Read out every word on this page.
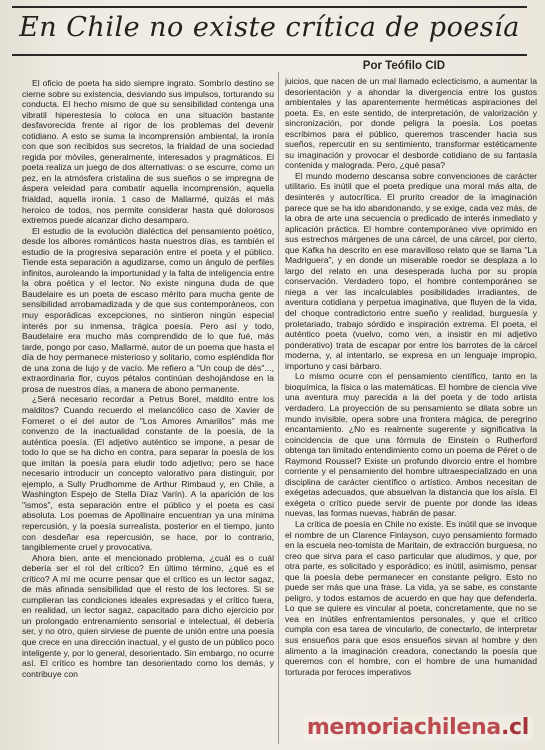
En Chile no existe crítica de poesía
Por Teófilo CID

El oficio de poeta ha sido siempre ingrato. Sombrío destino se cierne sobre su existencia, desviando sus impulsos, torturando su conducta. El hecho mismo de que su sensibilidad contenga una vibratil hiperestesia lo coloca en una situación bastante desfavorecida frente al rigor de los problemas del devenir cotidiano. A esto se suma la incomprensión ambiental, la ironía con que son recibidos sus secretos, la frialdad de una sociedad regida por móviles, generalmente, interesados y pragmáticos. El poeta realiza un juego de dos alternativas: o se escurre, como un pez, en la atmósfera cristalina de sus sueños o se impregna de áspera veleidad para combatir aquella incomprensión, aquella frialdad, aquella ironía. 1 caso de Mallarmé, quizás el más heroico de todos, nos permite considerar hasta qué dolorosos extremos puede alcanzar dicho desamparo.

El estudio de la evolución dialéctica del pensamiento poético, desde los albores románticos hasta nuestros días, es también el estudio de la progresiva separación entre el poeta y el público. Tiende esta separación a agudizarse, como un ángulo de perfiles infinitos, auroleando la importunidad y la falta de inteligencia entre la obra poética y el lector. No existe ninguna duda de que Baudelaire es un poeta de escaso mérito para mucha gente de sensibilidad arrobamadizada y de que sus contemporáneos, con muy esporádicas excepciones, no sintieron ningún especial interés por su inmensa, trágica poesía. Pero así y todo, Baudelaire era mucho más comprendido de lo que fué, más tarde, pongo por caso, Mallarmé, autor de un poema que hasta el día de hoy permanece misterioso y solitario, como espléndida flor de una zona de lujo y de vacío. Me refiero a "Un coup de dés"..., extraordinaria flor, cuyos pétalos continúan deshojándose en la prosa de nuestros días, a manera de abono permanente.

¿Será necesario recordar a Petrus Borel, maldito entre los malditos? Cuando recuerdo el melancólico caso de Xavier de Forneret o el del autor de "Los Amores Amarillos" más me convenzo de la inactualidad constante de la poesía, de la auténtica poesía. (El adjetivo auténtico se impone, a pesar de todo lo que se ha dicho en contra, para separar la poesía de los que imitan la poesía para eludir todo adjetivo; pero se hace necesario introducir un concepto valorativo para distinguir, por ejemplo, a Sully Prudhomme de Arthur Rimbaud y, en Chile, a Washington Espejo de Stella Díaz Varín). A la aparición de los "ismos", esta separación entre el público y el poeta es casi absoluta. Los poemas de Apollinaire encuentran ya una mínima repercusión, y la poesía surrealista, posterior en el tiempo, junto con desdeñar esa repercusión, se hace, por lo contrario, tangiblemente cruel y provocativa.

Ahora bien, ante el mencionado problema, ¿cuál es o cuál debería ser el rol del crítico? En último término, ¿qué es el crítico? A mí me ocurre pensar que el crítico es un lector sagaz, de más afinada sensibilidad que el resto de los lectores. Si se cumplieran las condiciones ideales expresadas y el crítico fuera, en realidad, un lector sagaz, capacitado para dicho ejercicio por un prolongado entrenamiento sensorial e intelectual, él debería ser, y no otro, quien sirviese de puente de unión entre una poesía que crece en una dirección inactual, y el gusto de un público poco inteligente y, por lo general, desorientado. Sin embargo, no ocurre así. El crítico es hombre tan desorientado como los demás, y contribuye con

juicios, que nacen de un mal llamado eclecticismo, a aumentar la desorientación y a ahondar la divergencia entre los gustos ambientales y las aparentemente herméticas aspiraciones del poeta. Es, en este sentido, de interpretación, de valorización y sincronización, por donde peligra la poesía. Los poetas escribimos para el público, queremos trascender hacia sus sueños, repercutir en su sentimiento, transformar estéticamente su imaginación y provocar el desborde cotidiano de su fantasía contenida y malograda. Pero, ¿qué pasa?

El mundo moderno descansa sobre convenciones de carácter utilitario. Es inútil que el poeta predique una moral más alta, de desinterés y autocrítica. El prurito creador de la imaginación parece que se ha ido abandonando, y se exige, cada vez más, de la obra de arte una secuencia o predicado de interés inmediato y aplicación práctica. El hombre contemporáneo vive oprimido en sus estrechos márgenes de una cárcel, de una cárcel, por cierto, que Kafka ha descrito en ese maravilloso relato que se llama "La Madriguera", y en donde un miserable roedor se desplaza a lo largo del relato en una desesperada lucha por su propia conservación. Verdadero topo, el hombre contemporáneo se niega a ver las incalculables posibilidades irradiantes, de aventura cotidiana y perpetua imaginativa, que fluyen de la vida, del choque contradictorio entre sueño y realidad, burguesía y proletariado, trabajo sórdido e inspiración extrema. El poeta, el auténtico poeta (vuelvo, como ven, a insistir en mi adjetivo ponderativo) trata de escapar por entre los barrotes de la cárcel moderna, y, al intentarlo, se expresa en un lenguaje impropio, importuno y casi bárbaro.

Lo mismo ocurre con el pensamiento científico, tanto en la bioquímica, la física o las matemáticas. El hombre de ciencia vive una aventura muy parecida a la del poeta y de todo artista verdadero. La proyección de su pensamiento se dilata sobre un mundo invisible, opera sobre una frontera mágica, de peregrino encantamiento. ¿No es realmente sugerente y significativa la coincidencia de que una fórmula de Einstein o Rutherford obtenga tan limitado entendimiento como un poema de Péret o de Raymond Roussel? Existe un profundo divorcio entre el hombre corriente y el pensamiento del hombre ultraespecializado en una disciplina de carácter científico o artístico. Ambos necesitan de exégetas adecuados, que absuelvan la distancia que los aísla. El exégeta o crítico puede servir de puente por donde las ideas nuevas, las formas nuevas, habrán de pasar.

La crítica de poesía en Chile no existe. Es inútil que se invoque el nombre de un Clarence Finlayson, cuyo pensamiento formado en la escuela neo-tomista de Maritain, de extracción burguesa, no creo que sirva para el caso particular que aludimos, y que, por otra parte, es solicitado y esporádico; es inútil, asimismo, pensar que la poesía debe permanecer en constante peligro. Esto no puede ser más que una frase. La vida, ya se sabe, es constante peligro, y todos estamos de acuerdo en que hay que defenderla. Lo que se quiere es vincular al poeta, concretamente, que no se vea en inútiles enfrentamientos personales, y que el crítico cumpla con esa tarea de vincularlo, de conectarlo, de interpretar sus ensueños para que esos ensueños sirvan al hombre y den alimento a la imaginación creadora, conectando la poesía que queremos con el hombre, con el hombre de una humanidad torturada por feroces imperativos

memoriachilena.cl
